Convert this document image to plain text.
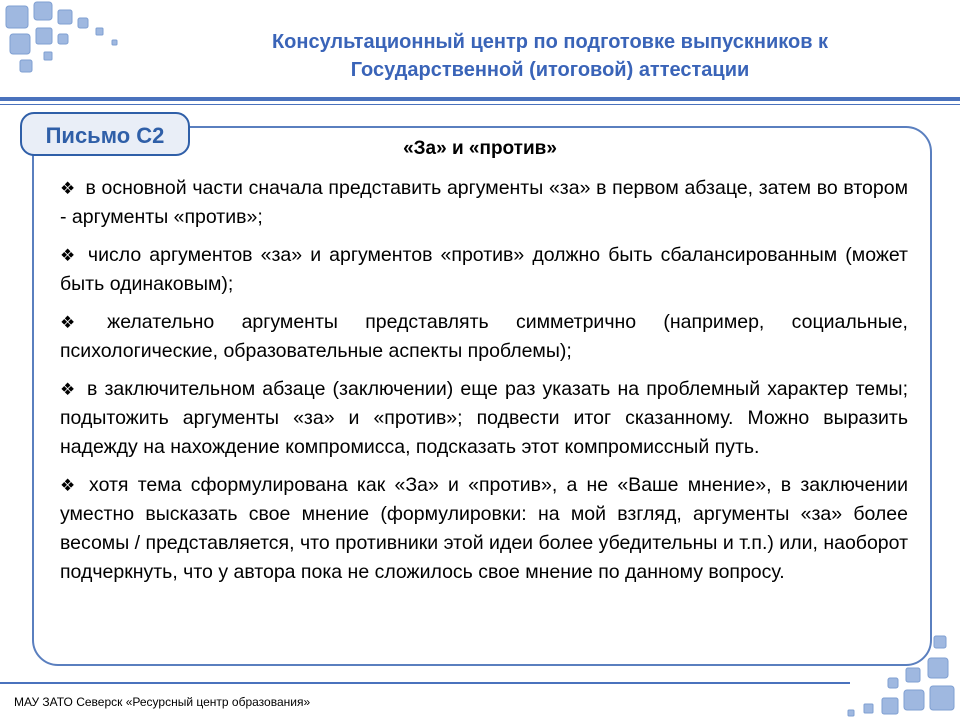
Консультационный центр по подготовке выпускников к
Государственной (итоговой) аттестации
Письмо С2
«За» и «против»
❖ в основной части сначала представить аргументы «за» в первом абзаце, затем во втором - аргументы «против»;
❖ число аргументов «за» и аргументов «против» должно быть сбалансированным (может быть одинаковым);
❖ желательно аргументы представлять симметрично (например, социальные, психологические, образовательные аспекты проблемы);
❖ в заключительном абзаце (заключении) еще раз указать на проблемный характер темы; подытожить аргументы «за» и «против»; подвести итог сказанному. Можно выразить надежду на нахождение компромисса, подсказать этот компромиссный путь.
❖ хотя тема сформулирована как «За» и «против», а не «Ваше мнение», в заключении уместно высказать свое мнение (формулировки: на мой взгляд, аргументы «за» более весомы / представляется, что противники этой идеи более убедительны и т.п.) или, наоборот подчеркнуть, что у автора пока не сложилось свое мнение по данному вопросу.
МАУ ЗАТО Северск «Ресурсный центр образования»
